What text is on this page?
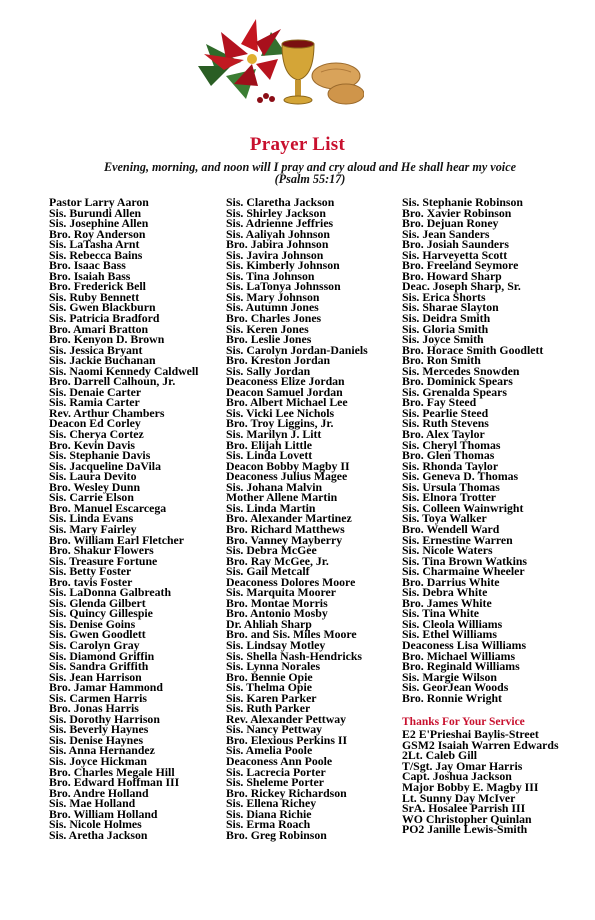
Prayer List
Evening, morning, and noon will I pray and cry aloud and He shall hear my voice
(Psalm 55:17)
Pastor Larry Aaron
Sis. Burundi Allen
Sis. Josephine Allen
Bro. Roy Anderson
Sis. LaTasha Arnt
Sis. Rebecca Bains
Bro. Isaac Bass
Bro. Isaiah Bass
Bro. Frederick Bell
Sis. Ruby Bennett
Sis. Gwen Blackburn
Sis. Patricia Bradford
Bro. Amari Bratton
Bro. Kenyon D. Brown
Sis. Jessica Bryant
Sis. Jackie Buchanan
Sis. Naomi Kennedy Caldwell
Bro. Darrell Calhoun, Jr.
Sis. Denaie Carter
Sis. Ramia Carter
Rev. Arthur Chambers
Deacon Ed Corley
Sis. Cherya Cortez
Bro. Kevin Davis
Sis. Stephanie Davis
Sis. Jacqueline DaVila
Sis. Laura Devito
Bro. Wesley Dunn
Sis. Carrie Elson
Bro. Manuel Escarcega
Sis. Linda Evans
Sis. Mary Fairley
Bro. William Earl Fletcher
Bro. Shakur Flowers
Sis. Treasure Fortune
Sis. Betty Foster
Bro. tavis Foster
Sis. LaDonna Galbreath
Sis. Glenda Gilbert
Sis. Quincy Gillespie
Sis. Denise Goins
Sis. Gwen Goodlett
Sis. Carolyn Gray
Sis. Diamond Griffin
Sis. Sandra Griffith
Sis. Jean Harrison
Bro. Jamar Hammond
Sis. Carmen Harris
Bro. Jonas Harris
Sis. Dorothy Harrison
Sis. Beverly Haynes
Sis. Denise Haynes
Sis. Anna Hernandez
Sis. Joyce Hickman
Bro. Charles Megale Hill
Bro. Edward Hoffman III
Bro. Andre Holland
Sis. Mae Holland
Bro. William Holland
Sis. Nicole Holmes
Sis. Aretha Jackson
Sis. Claretha Jackson
Sis. Shirley Jackson
Sis. Adrienne Jeffries
Sis. Aaliyah Johnson
Bro. Jabira Johnson
Sis. Javira Johnson
Sis. Kimberly Johnson
Sis. Tina Johnson
Sis. LaTonya Johnsson
Sis. Mary Johnson
Sis. Autumn Jones
Bro. Charles Jones
Sis. Keren Jones
Bro. Leslie Jones
Sis. Carolyn Jordan-Daniels
Bro. Kreston Jordan
Sis. Sally Jordan
Deaconess Elize Jordan
Deacon Samuel Jordan
Bro. Albert Michael Lee
Sis. Vicki Lee Nichols
Bro. Troy Liggins, Jr.
Sis. Marilyn J. Litt
Bro. Elijah Little
Sis. Linda Lovett
Deacon Bobby Magby II
Deaconess Julius Magee
Sis. Johana Malvin
Mother Allene Martin
Sis. Linda Martin
Bro. Alexander Martinez
Bro. Richard Matthews
Bro. Vanney Mayberry
Sis. Debra McGee
Bro. Ray McGee, Jr.
Sis. Gail Metcalf
Deaconess Dolores Moore
Sis. Marquita Moorer
Bro. Montae Morris
Bro. Antonio Mosby
Dr. Ahliah Sharp
Bro. and Sis. Miles Moore
Sis. Lindsay Motley
Sis. Shella Nash-Hendricks
Sis. Lynna Norales
Bro. Bennie Opie
Sis. Thelma Opie
Sis. Karen Parker
Sis. Ruth Parker
Rev. Alexander Pettway
Sis. Nancy Pettway
Bro. Elexious Perkins II
Sis. Amelia Poole
Deaconess Ann Poole
Sis. Lacrecia Porter
Sis. Sheleme Porter
Bro. Rickey Richardson
Sis. Ellena Richey
Sis. Diana Richie
Sis. Erma Roach
Bro. Greg Robinson
Sis. Stephanie Robinson
Bro. Xavier Robinson
Bro. Dejuan Roney
Sis. Jean Sanders
Bro. Josiah Saunders
Sis. Harveyetta Scott
Bro. Freeland Seymore
Bro. Howard Sharp
Deac. Joseph Sharp, Sr.
Sis. Erica Shorts
Sis. Sharae Slayton
Sis. Deidra Smith
Sis. Gloria Smith
Sis. Joyce Smith
Bro. Horace Smith Goodlett
Bro. Ron Smith
Sis. Mercedes Snowden
Bro. Dominick Spears
Sis. Grenalda Spears
Bro. Fay Steed
Sis. Pearlie Steed
Sis. Ruth Stevens
Bro. Alex Taylor
Sis. Cheryl Thomas
Bro. Glen Thomas
Sis. Rhonda Taylor
Sis. Geneva D. Thomas
Sis. Ursula Thomas
Sis. Elnora Trotter
Sis. Colleen Wainwright
Sis. Toya Walker
Bro. Wendell Ward
Sis. Ernestine Warren
Sis. Nicole Waters
Sis. Tina Brown Watkins
Sis. Charmaine Wheeler
Bro. Darrius White
Sis. Debra White
Bro. James White
Sis. Tina White
Sis. Cleola Williams
Sis. Ethel Williams
Deaconess Lisa Williams
Bro. Michael Williams
Bro. Reginald Williams
Sis. Margie Wilson
Sis. GeorJean Woods
Bro. Ronnie Wright
Thanks For Your Service
E2 E'Prieshai Baylis-Street
GSM2 Isaiah Warren Edwards
2Lt. Caleb Gill
T/Sgt. Jay Omar Harris
Capt. Joshua Jackson
Major Bobby E. Magby III
Lt. Sunny Day McIver
SrA. Hosalee Parrish III
WO Christopher Quinlan
PO2 Janille Lewis-Smith
